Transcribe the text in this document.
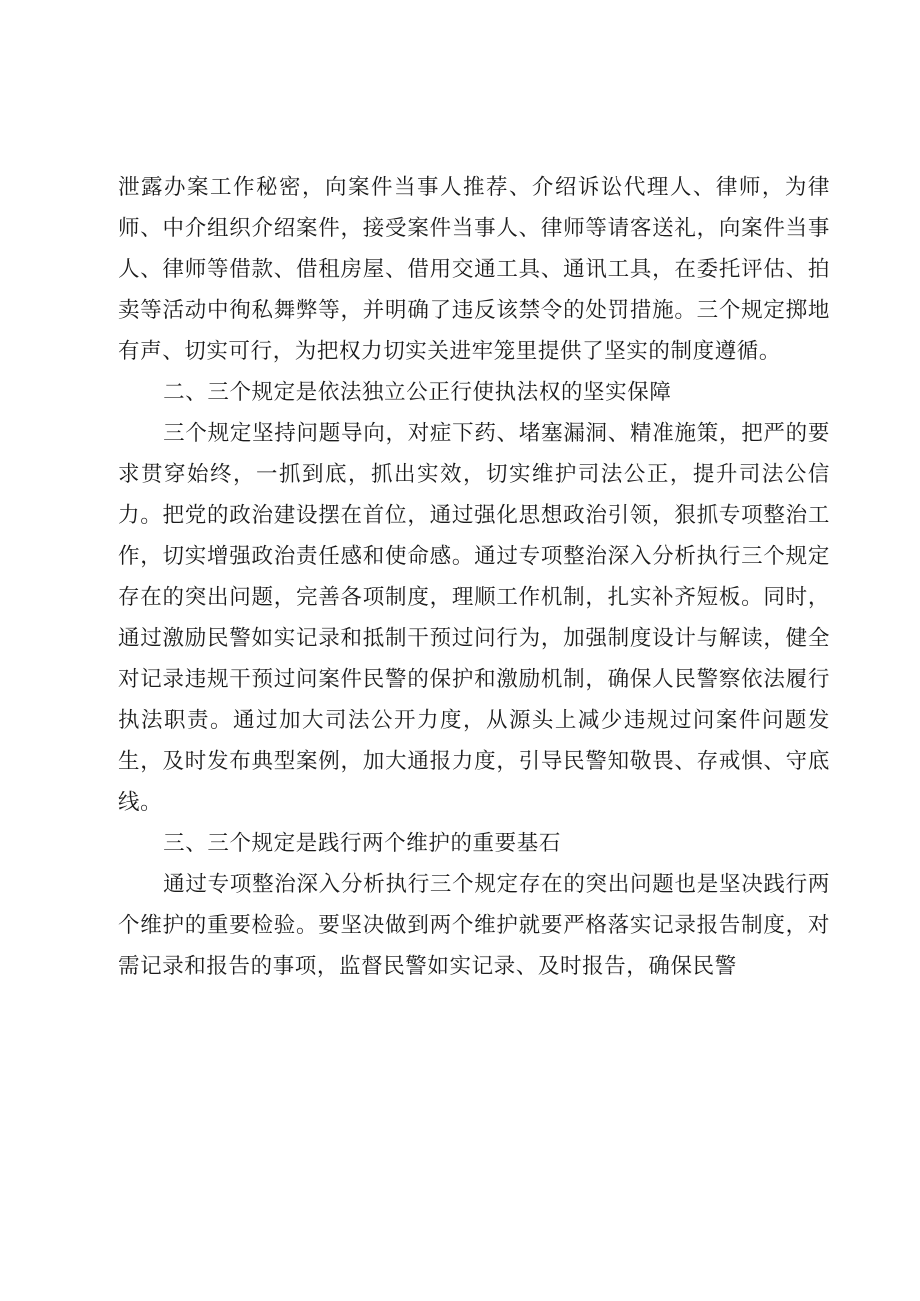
泄露办案工作秘密，向案件当事人推荐、介绍诉讼代理人、律师，为律师、中介组织介绍案件，接受案件当事人、律师等请客送礼，向案件当事人、律师等借款、借租房屋、借用交通工具、通讯工具，在委托评估、拍卖等活动中徇私舞弊等，并明确了违反该禁令的处罚措施。三个规定掷地有声、切实可行，为把权力切实关进牢笼里提供了坚实的制度遵循。

二、三个规定是依法独立公正行使执法权的坚实保障

三个规定坚持问题导向，对症下药、堵塞漏洞、精准施策，把严的要求贯穿始终，一抓到底，抓出实效，切实维护司法公正，提升司法公信力。把党的政治建设摆在首位，通过强化思想政治引领，狠抓专项整治工作，切实增强政治责任感和使命感。通过专项整治深入分析执行三个规定存在的突出问题，完善各项制度，理顺工作机制，扎实补齐短板。同时，通过激励民警如实记录和抵制干预过问行为，加强制度设计与解读，健全对记录违规干预过问案件民警的保护和激励机制，确保人民警察依法履行执法职责。通过加大司法公开力度，从源头上减少违规过问案件问题发生，及时发布典型案例，加大通报力度，引导民警知敬畏、存戒惧、守底线。

三、三个规定是践行两个维护的重要基石

通过专项整治深入分析执行三个规定存在的突出问题也是坚决践行两个维护的重要检验。要坚决做到两个维护就要严格落实记录报告制度，对需记录和报告的事项，监督民警如实记录、及时报告，确保民警
